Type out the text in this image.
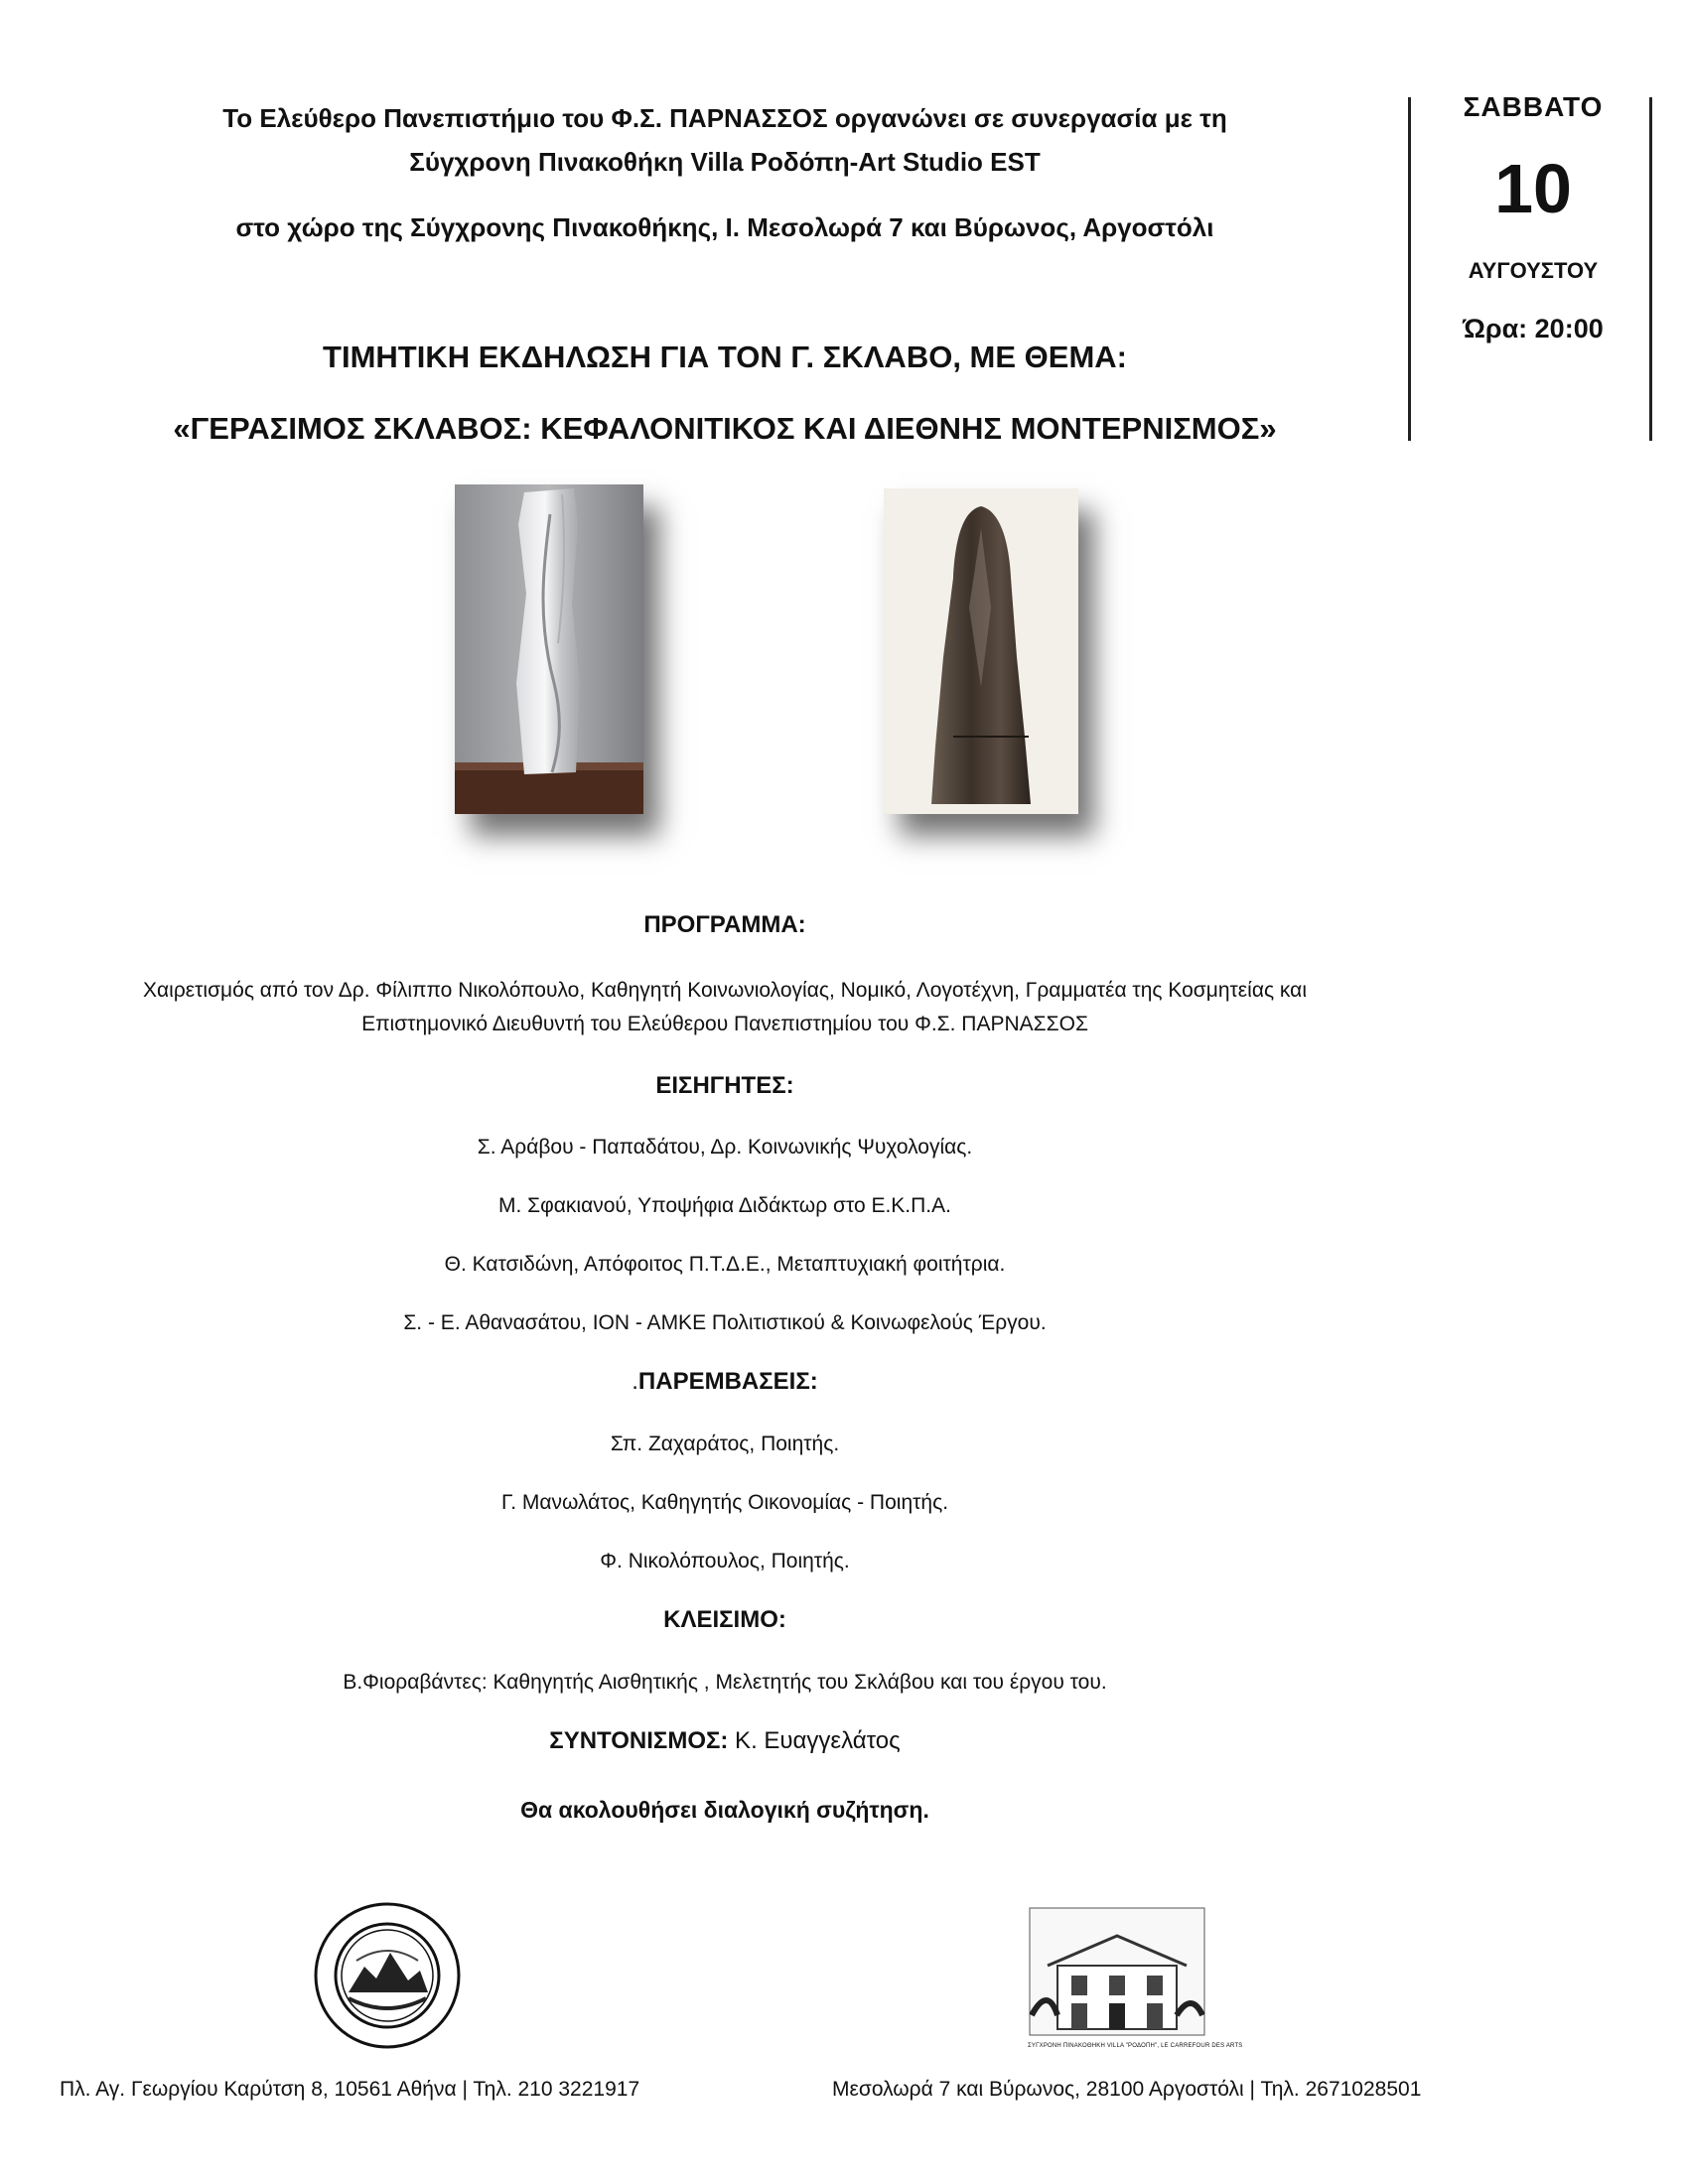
Το Ελεύθερο Πανεπιστήμιο του Φ.Σ. ΠΑΡΝΑΣΣΟΣ οργανώνει σε συνεργασία με τη
Σύγχρονη Πινακοθήκη Villa Ροδόπη-Art Studio EST
στο χώρο της Σύγχρονης Πινακοθήκης, Ι. Μεσολωρά 7 και Βύρωνος, Αργοστόλι
ΣΑΒΒΑΤΟ
10
ΑΥΓΟΥΣΤΟΥ
Ώρα: 20:00
ΤΙΜΗΤΙΚΗ ΕΚΔΗΛΩΣΗ ΓΙΑ ΤΟΝ Γ. ΣΚΛΑΒΟ, ΜΕ ΘΕΜΑ:
«ΓΕΡΑΣΙΜΟΣ ΣΚΛΑΒΟΣ: ΚΕΦΑΛΟΝΙΤΙΚΟΣ ΚΑΙ ΔΙΕΘΝΗΣ ΜΟΝΤΕΡΝΙΣΜΟΣ»
ΠΡΟΓΡΑΜΜΑ:
Χαιρετισμός από τον Δρ. Φίλιππο Νικολόπουλο, Καθηγητή Κοινωνιολογίας, Νομικό, Λογοτέχνη, Γραμματέα της Κοσμητείας και
Επιστημονικό Διευθυντή του Ελεύθερου Πανεπιστημίου του Φ.Σ. ΠΑΡΝΑΣΣΟΣ
ΕΙΣΗΓΗΤΕΣ:
Σ. Αράβου - Παπαδάτου, Δρ. Κοινωνικής Ψυχολογίας.
Μ. Σφακιανού, Υποψήφια Διδάκτωρ στο Ε.Κ.Π.Α.
Θ. Κατσιδώνη, Απόφοιτος Π.Τ.Δ.Ε., Μεταπτυχιακή φοιτήτρια.
Σ. - Ε. Αθανασάτου, ΙΟΝ - ΑΜΚΕ Πολιτιστικού & Κοινωφελούς Έργου.
.ΠΑΡΕΜΒΑΣΕΙΣ:
Σπ. Ζαχαράτος, Ποιητής.
Γ. Μανωλάτος, Καθηγητής Οικονομίας - Ποιητής.
Φ. Νικολόπουλος, Ποιητής.
ΚΛΕΙΣΙΜΟ:
Β.Φιοραβάντες: Καθηγητής Αισθητικής , Μελετητής του Σκλάβου και του έργου του.
ΣΥΝΤΟΝΙΣΜΟΣ: Κ. Ευαγγελάτος
Θα ακολουθήσει διαλογική συζήτηση.
ΣΥΓΧΡΟΝΗ ΠΙΝΑΚΟΘΗΚΗ VILLA "ΡΟΔΟΠΗ", LE CARREFOUR DES ARTS
Πλ. Αγ. Γεωργίου Καρύτση 8, 10561 Αθήνα | Τηλ. 210 3221917	Μεσολωρά 7 και Βύρωνος, 28100 Αργοστόλι | Τηλ. 2671028501
